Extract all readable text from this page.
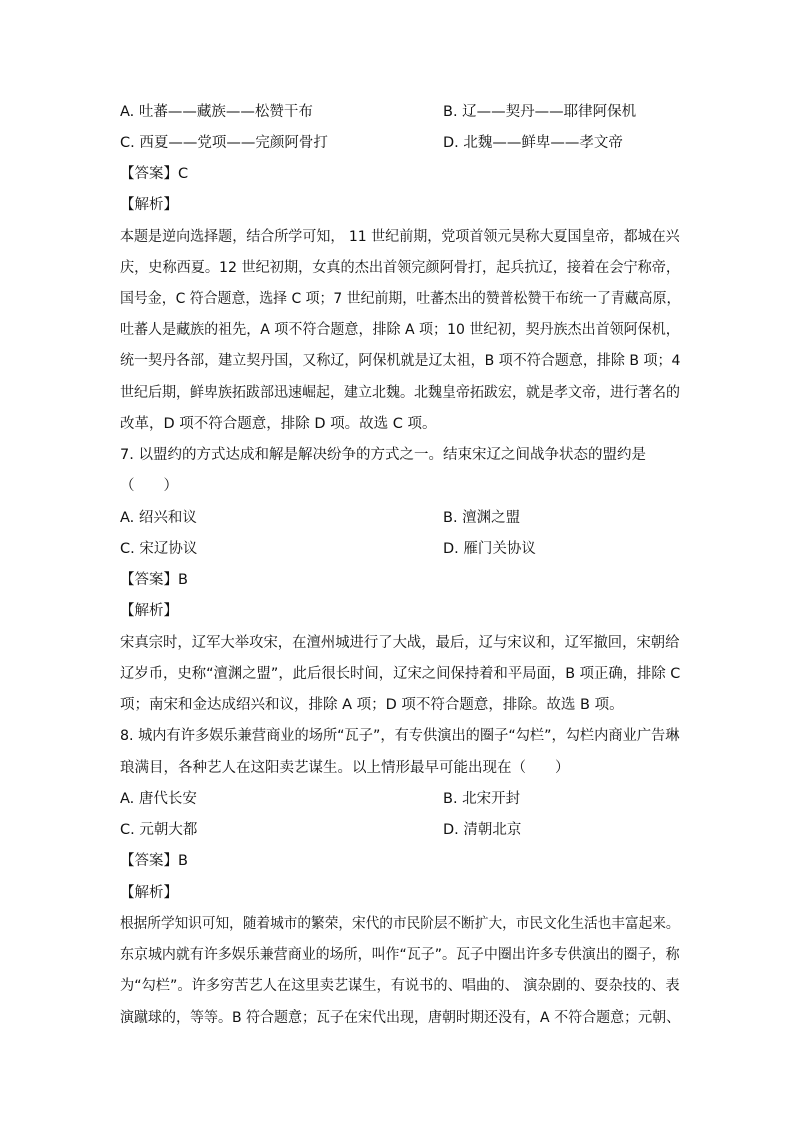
A. 吐蕃——藏族——松赞干布	B. 辽——契丹——耶律阿保机
C. 西夏——党项——完颜阿骨打	D. 北魏——鲜卑——孝文帝
【答案】C
【解析】
本题是逆向选择题，结合所学可知， 11 世纪前期，党项首领元昊称大夏国皇帝，都城在兴
庆，史称西夏。12 世纪初期，女真的杰出首领完颜阿骨打，起兵抗辽，接着在会宁称帝，
国号金，C 符合题意，选择 C 项；7 世纪前期，吐蕃杰出的赞普松赞干布统一了青藏高原，
吐蕃人是藏族的祖先，A 项不符合题意，排除 A 项；10 世纪初，契丹族杰出首领阿保机，
统一契丹各部，建立契丹国，又称辽，阿保机就是辽太祖，B 项不符合题意，排除 B 项；4
世纪后期，鲜卑族拓跋部迅速崛起，建立北魏。北魏皇帝拓跋宏，就是孝文帝，进行著名的
改革，D 项不符合题意，排除 D 项。故选 C 项。
7. 以盟约的方式达成和解是解决纷争的方式之一。结束宋辽之间战争状态的盟约是
（　　）
A. 绍兴和议	B. 澶渊之盟
C. 宋辽协议	D. 雁门关协议
【答案】B
【解析】
宋真宗时，辽军大举攻宋，在澶州城进行了大战，最后，辽与宋议和，辽军撤回，宋朝给
辽岁币，史称“澶渊之盟”，此后很长时间，辽宋之间保持着和平局面，B 项正确，排除 C
项；南宋和金达成绍兴和议，排除 A 项；D 项不符合题意，排除。故选 B 项。
8. 城内有许多娱乐兼营商业的场所“瓦子”，有专供演出的圈子“勾栏”，勾栏内商业广告琳
琅满目，各种艺人在这阳卖艺谋生。以上情形最早可能出现在（　　）
A. 唐代长安	B. 北宋开封
C. 元朝大都	D. 清朝北京
【答案】B
【解析】
根据所学知识可知，随着城市的繁荣，宋代的市民阶层不断扩大，市民文化生活也丰富起来。
东京城内就有许多娱乐兼营商业的场所，叫作“瓦子”。瓦子中圈出许多专供演出的圈子，称
为“勾栏”。许多穷苦艺人在这里卖艺谋生，有说书的、唱曲的、 演杂剧的、耍杂技的、表
演蹴球的，等等。B 符合题意；瓦子在宋代出现，唐朝时期还没有，A 不符合题意；元朝、
